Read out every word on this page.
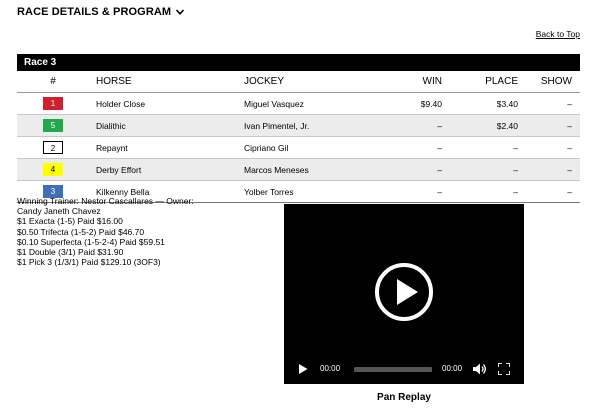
RACE DETAILS & PROGRAM
Back to Top
Race 3
#	HORSE	JOCKEY	WIN	PLACE	SHOW
1	Holder Close	Miguel Vasquez	$9.40	$3.40	–
5	Dialithic	Ivan Pimentel, Jr.	–	$2.40	–
2	Repaynt	Cipriano Gil	–	–	–
4	Derby Effort	Marcos Meneses	–	–	–
3	Kilkenny Bella	Yolber Torres	–	–	–
Winning Trainer: Nestor Cascallares — Owner:
Candy Janeth Chavez
$1 Exacta (1-5) Paid $16.00
$0.50 Trifecta (1-5-2) Paid $46.70
$0.10 Superfecta (1-5-2-4) Paid $59.51
$1 Double (3/1) Paid $31.90
$1 Pick 3 (1/3/1) Paid $129.10 (3OF3)
00:00	00:00
Pan Replay
